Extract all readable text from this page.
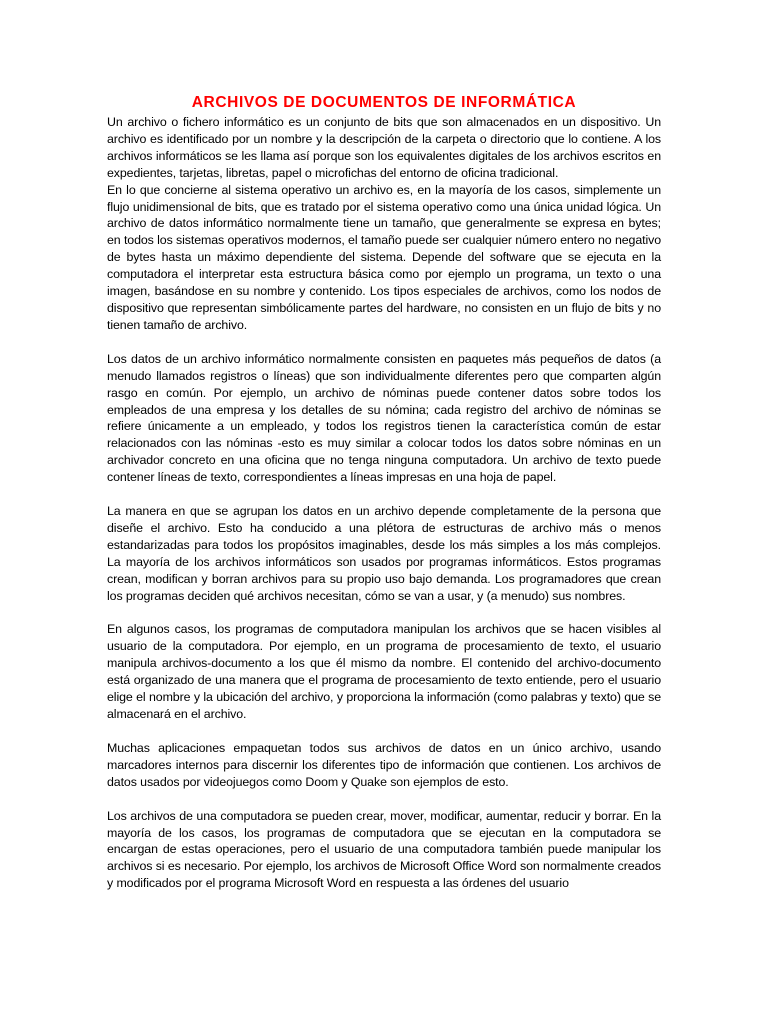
ARCHIVOS DE DOCUMENTOS DE INFORMÁTICA

Un archivo o fichero informático es un conjunto de bits que son almacenados en un dispositivo. Un archivo es identificado por un nombre y la descripción de la carpeta o directorio que lo contiene. A los archivos informáticos se les llama así porque son los equivalentes digitales de los archivos escritos en expedientes, tarjetas, libretas, papel o microfichas del entorno de oficina tradicional.

En lo que concierne al sistema operativo un archivo es, en la mayoría de los casos, simplemente un flujo unidimensional de bits, que es tratado por el sistema operativo como una única unidad lógica. Un archivo de datos informático normalmente tiene un tamaño, que generalmente se expresa en bytes; en todos los sistemas operativos modernos, el tamaño puede ser cualquier número entero no negativo de bytes hasta un máximo dependiente del sistema. Depende del software que se ejecuta en la computadora el interpretar esta estructura básica como por ejemplo un programa, un texto o una imagen, basándose en su nombre y contenido. Los tipos especiales de archivos, como los nodos de dispositivo que representan simbólicamente partes del hardware, no consisten en un flujo de bits y no tienen tamaño de archivo.

Los datos de un archivo informático normalmente consisten en paquetes más pequeños de datos (a menudo llamados registros o líneas) que son individualmente diferentes pero que comparten algún rasgo en común. Por ejemplo, un archivo de nóminas puede contener datos sobre todos los empleados de una empresa y los detalles de su nómina; cada registro del archivo de nóminas se refiere únicamente a un empleado, y todos los registros tienen la característica común de estar relacionados con las nóminas -esto es muy similar a colocar todos los datos sobre nóminas en un archivador concreto en una oficina que no tenga ninguna computadora. Un archivo de texto puede contener líneas de texto, correspondientes a líneas impresas en una hoja de papel.

La manera en que se agrupan los datos en un archivo depende completamente de la persona que diseñe el archivo. Esto ha conducido a una plétora de estructuras de archivo más o menos estandarizadas para todos los propósitos imaginables, desde los más simples a los más complejos. La mayoría de los archivos informáticos son usados por programas informáticos. Estos programas crean, modifican y borran archivos para su propio uso bajo demanda. Los programadores que crean los programas deciden qué archivos necesitan, cómo se van a usar, y (a menudo) sus nombres.

En algunos casos, los programas de computadora manipulan los archivos que se hacen visibles al usuario de la computadora. Por ejemplo, en un programa de procesamiento de texto, el usuario manipula archivos-documento a los que él mismo da nombre. El contenido del archivo-documento está organizado de una manera que el programa de procesamiento de texto entiende, pero el usuario elige el nombre y la ubicación del archivo, y proporciona la información (como palabras y texto) que se almacenará en el archivo.

Muchas aplicaciones empaquetan todos sus archivos de datos en un único archivo, usando marcadores internos para discernir los diferentes tipo de información que contienen. Los archivos de datos usados por videojuegos como Doom y Quake son ejemplos de esto.

Los archivos de una computadora se pueden crear, mover, modificar, aumentar, reducir y borrar. En la mayoría de los casos, los programas de computadora que se ejecutan en la computadora se encargan de estas operaciones, pero el usuario de una computadora también puede manipular los archivos si es necesario. Por ejemplo, los archivos de Microsoft Office Word son normalmente creados y modificados por el programa Microsoft Word en respuesta a las órdenes del usuario
